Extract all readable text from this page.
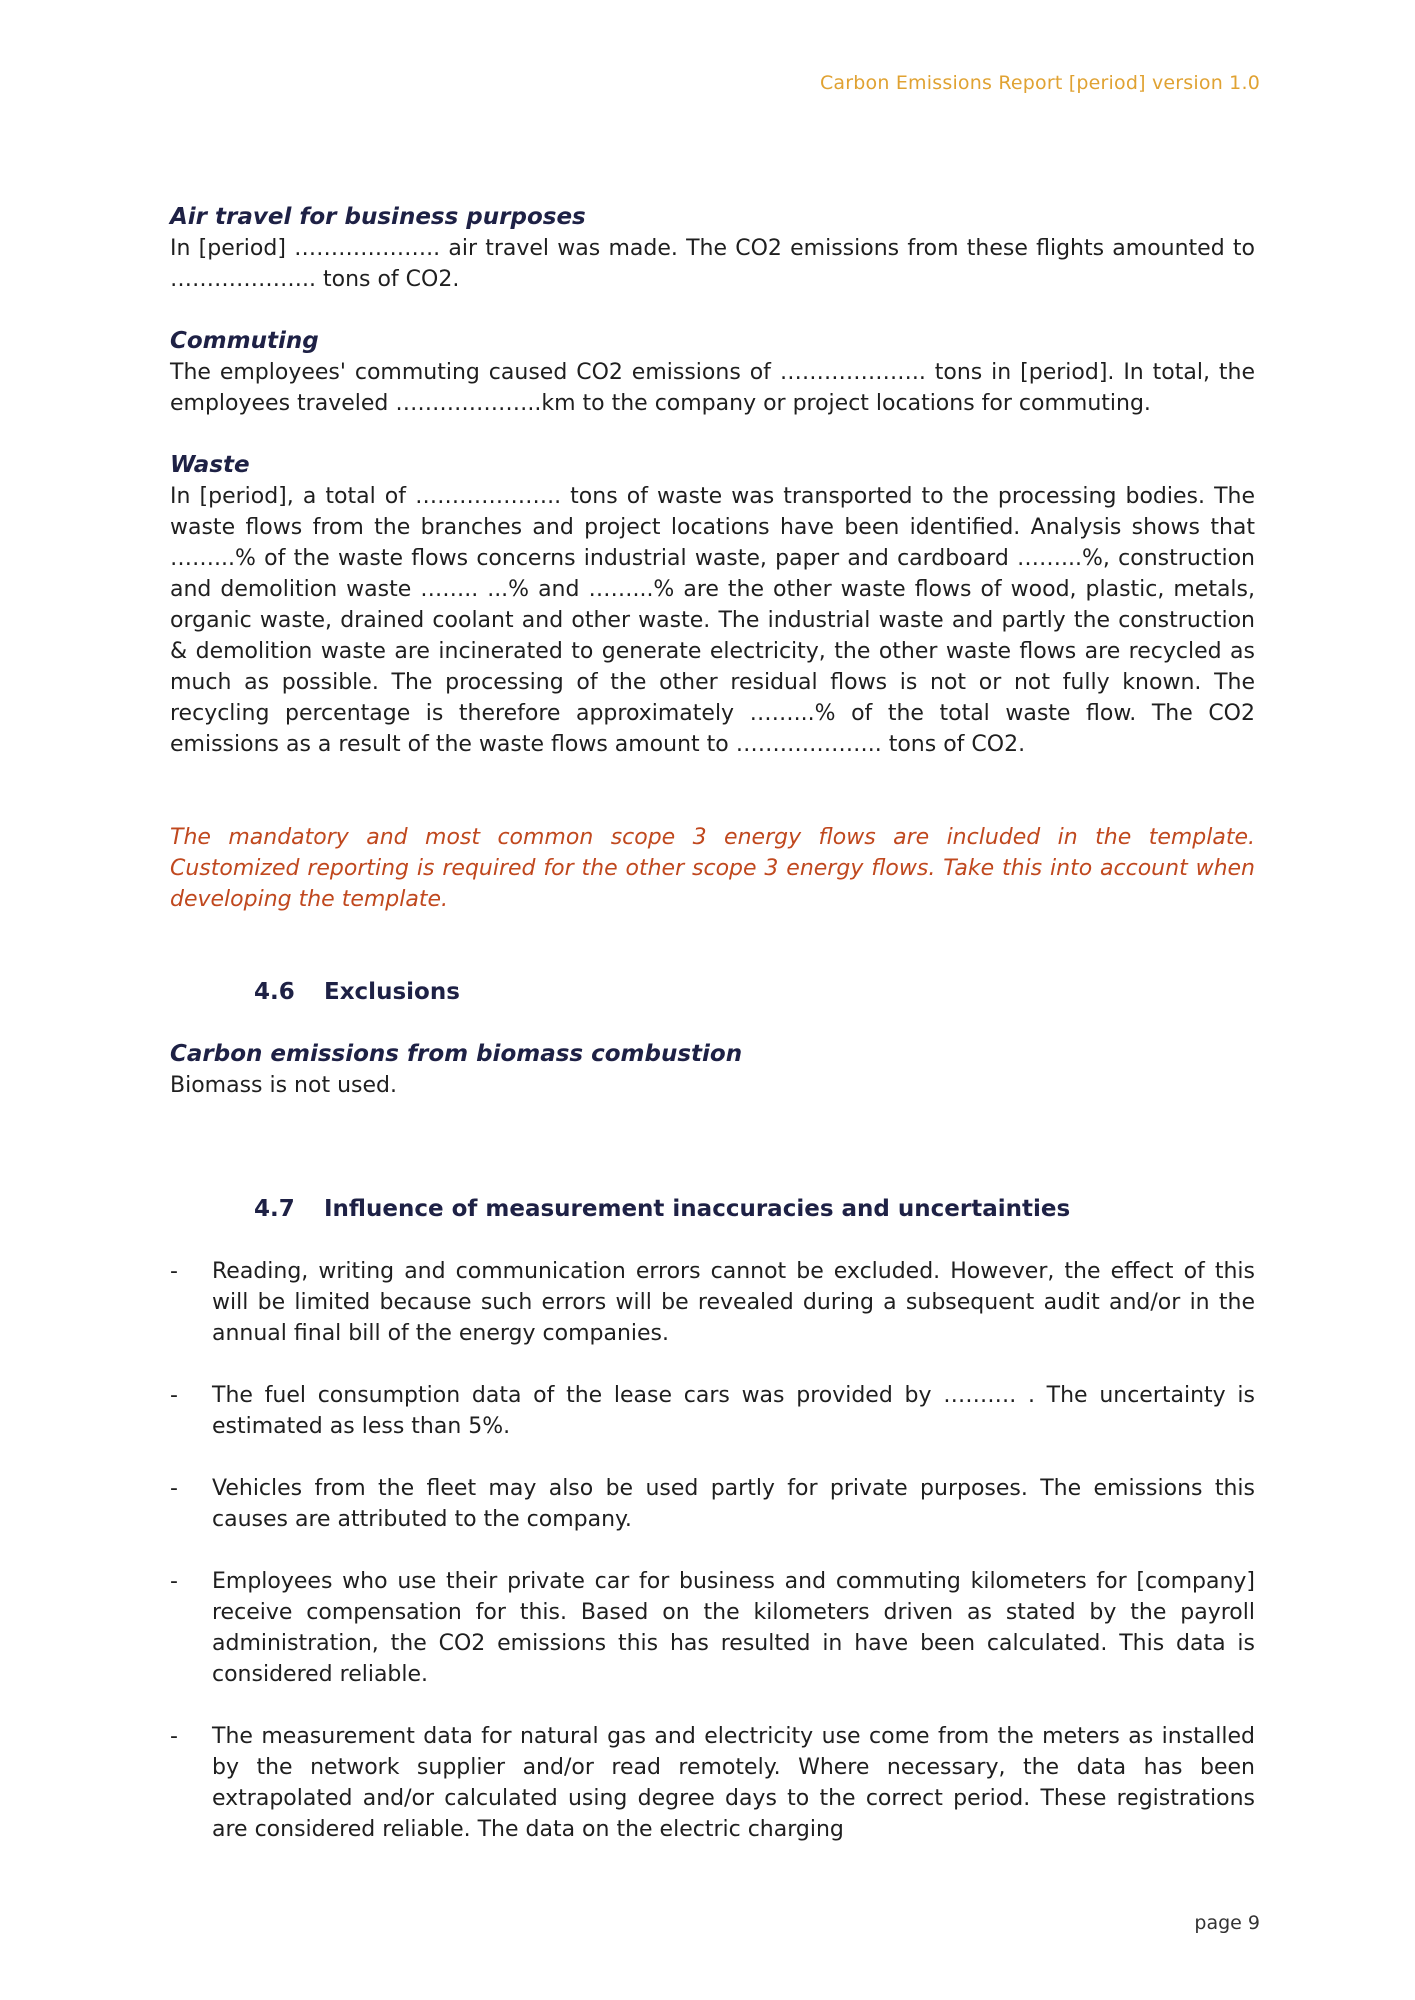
Carbon Emissions Report [period] version 1.0

Air travel for business purposes

In [period] ……………….. air travel was made. The CO2 emissions from these flights amounted to ……………….. tons of CO2.

Commuting

The employees' commuting caused CO2 emissions of ……………….. tons in [period]. In total, the employees traveled ………………..km to the company or project locations for commuting.

Waste

In [period], a total of ……………….. tons of waste was transported to the processing bodies. The waste flows from the branches and project locations have been identified. Analysis shows that ……...% of the waste flows concerns industrial waste, paper and cardboard ……...%, construction and demolition waste …….. ...% and ……...% are the other waste flows of wood, plastic, metals, organic waste, drained coolant and other waste. The industrial waste and partly the construction & demolition waste are incinerated to generate electricity, the other waste flows are recycled as much as possible. The processing of the other residual flows is not or not fully known. The recycling percentage is therefore approximately ……...% of the total waste flow. The CO2 emissions as a result of the waste flows amount to ……………….. tons of CO2.

The mandatory and most common scope 3 energy flows are included in the template. Customized reporting is required for the other scope 3 energy flows. Take this into account when developing the template.

4.6 Exclusions

Carbon emissions from biomass combustion

Biomass is not used.

4.7 Influence of measurement inaccuracies and uncertainties

-	Reading, writing and communication errors cannot be excluded. However, the effect of this will be limited because such errors will be revealed during a subsequent audit and/or in the annual final bill of the energy companies.
-	The fuel consumption data of the lease cars was provided by ………. . The uncertainty is estimated as less than 5%.
-	Vehicles from the fleet may also be used partly for private purposes. The emissions this causes are attributed to the company.
-	Employees who use their private car for business and commuting kilometers for [company] receive compensation for this. Based on the kilometers driven as stated by the payroll administration, the CO2 emissions this has resulted in have been calculated. This data is considered reliable.
-	The measurement data for natural gas and electricity use come from the meters as installed by the network supplier and/or read remotely. Where necessary, the data has been extrapolated and/or calculated using degree days to the correct period. These registrations are considered reliable. The data on the electric charging
page 9
